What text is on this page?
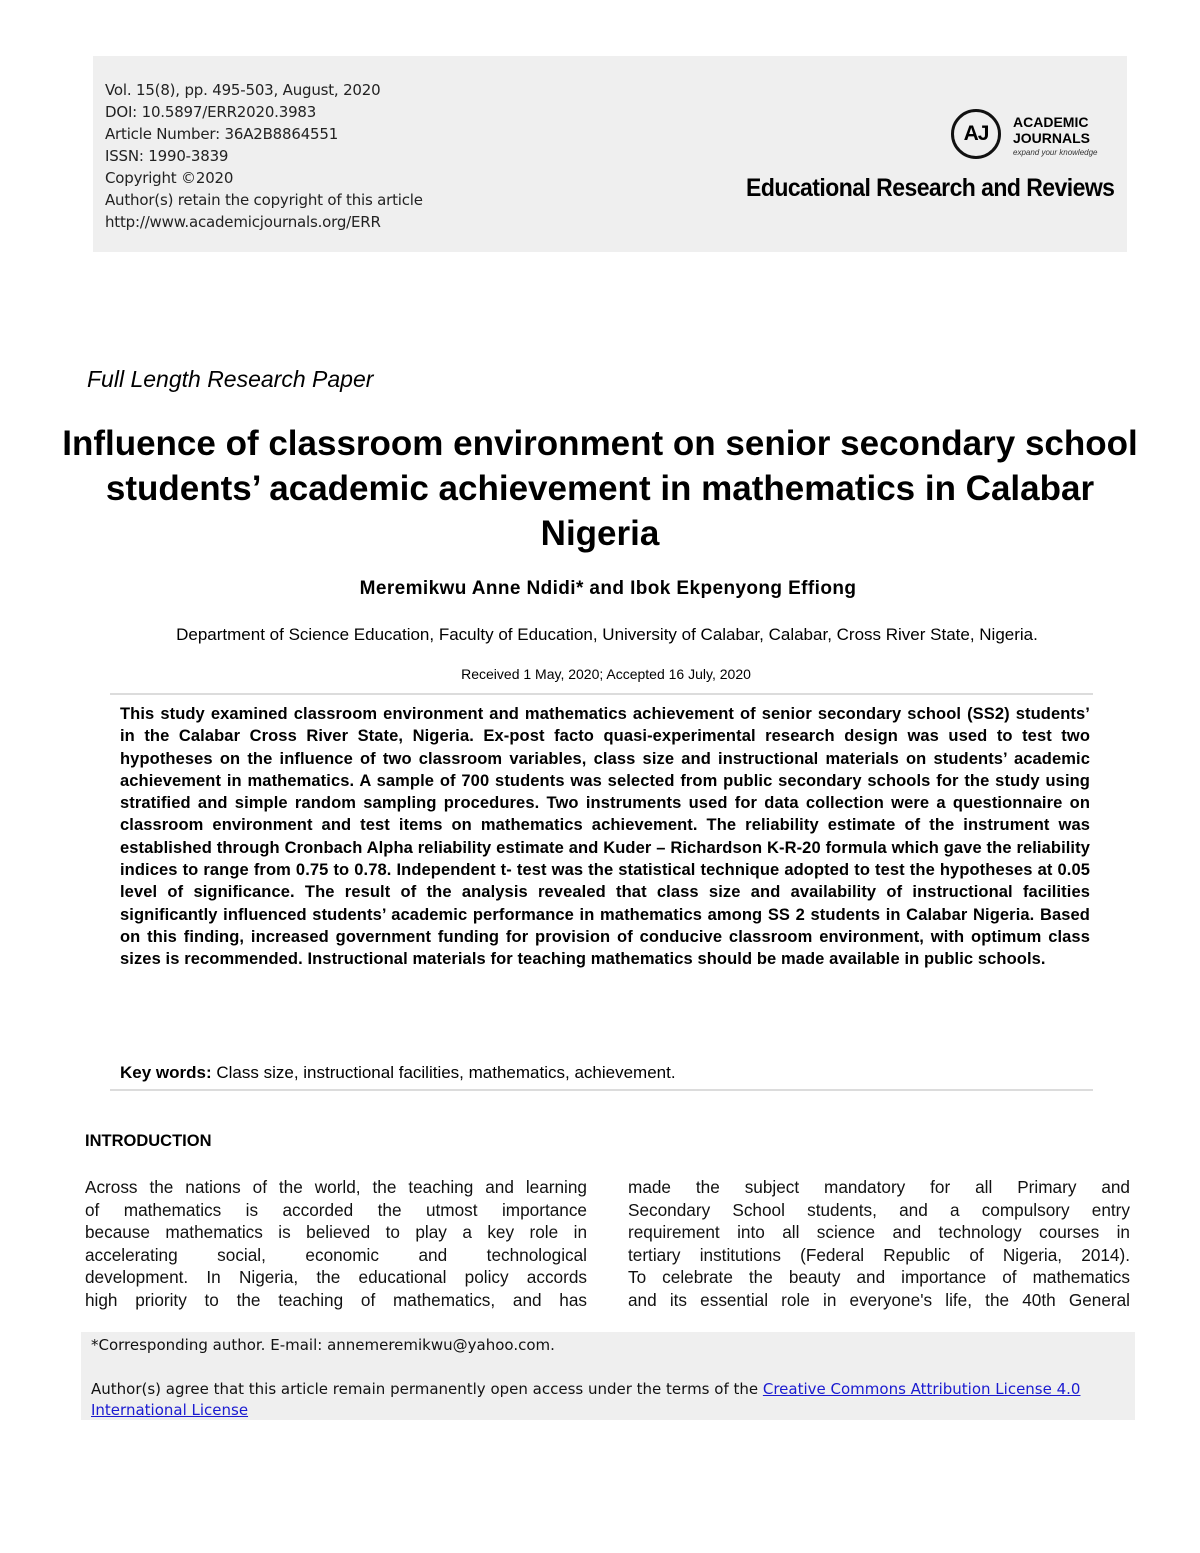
Vol. 15(8), pp. 495-503, August, 2020
DOI: 10.5897/ERR2020.3983
Article Number: 36A2B8864551
ISSN: 1990-3839
Copyright ©2020
Author(s) retain the copyright of this article
http://www.academicjournals.org/ERR
AJ	ACADEMIC
JOURNALS
expand your knowledge
Educational Research and Reviews
Full Length Research Paper
Influence of classroom environment on senior secondary school students’ academic achievement in mathematics in Calabar Nigeria
Meremikwu Anne Ndidi* and Ibok Ekpenyong Effiong
Department of Science Education, Faculty of Education, University of Calabar, Calabar, Cross River State, Nigeria.
Received 1 May, 2020; Accepted 16 July, 2020
This study examined classroom environment and mathematics achievement of senior secondary school (SS2) students’ in the Calabar Cross River State, Nigeria. Ex-post facto quasi-experimental research design was used to test two hypotheses on the influence of two classroom variables, class size and instructional materials on students’ academic achievement in mathematics. A sample of 700 students was selected from public secondary schools for the study using stratified and simple random sampling procedures. Two instruments used for data collection were a questionnaire on classroom environment and test items on mathematics achievement. The reliability estimate of the instrument was established through Cronbach Alpha reliability estimate and Kuder – Richardson K-R-20 formula which gave the reliability indices to range from 0.75 to 0.78. Independent t- test was the statistical technique adopted to test the hypotheses at 0.05 level of significance. The result of the analysis revealed that class size and availability of instructional facilities significantly influenced students’ academic performance in mathematics among SS 2 students in Calabar Nigeria. Based on this finding, increased government funding for provision of conducive classroom environment, with optimum class sizes is recommended. Instructional materials for teaching mathematics should be made available in public schools.
Key words: Class size, instructional facilities, mathematics, achievement.
INTRODUCTION
Across the nations of the world, the teaching and learning
of mathematics is accorded the utmost importance
because mathematics is believed to play a key role in
accelerating social, economic and technological
development. In Nigeria, the educational policy accords
high priority to the teaching of mathematics, and has
made the subject mandatory for all Primary and
Secondary School students, and a compulsory entry
requirement into all science and technology courses in
tertiary institutions (Federal Republic of Nigeria, 2014).
To celebrate the beauty and importance of mathematics
and its essential role in everyone's life, the 40th General
*Corresponding author. E-mail: annemeremikwu@yahoo.com.
Author(s) agree that this article remain permanently open access under the terms of the Creative Commons Attribution License 4.0 International License
